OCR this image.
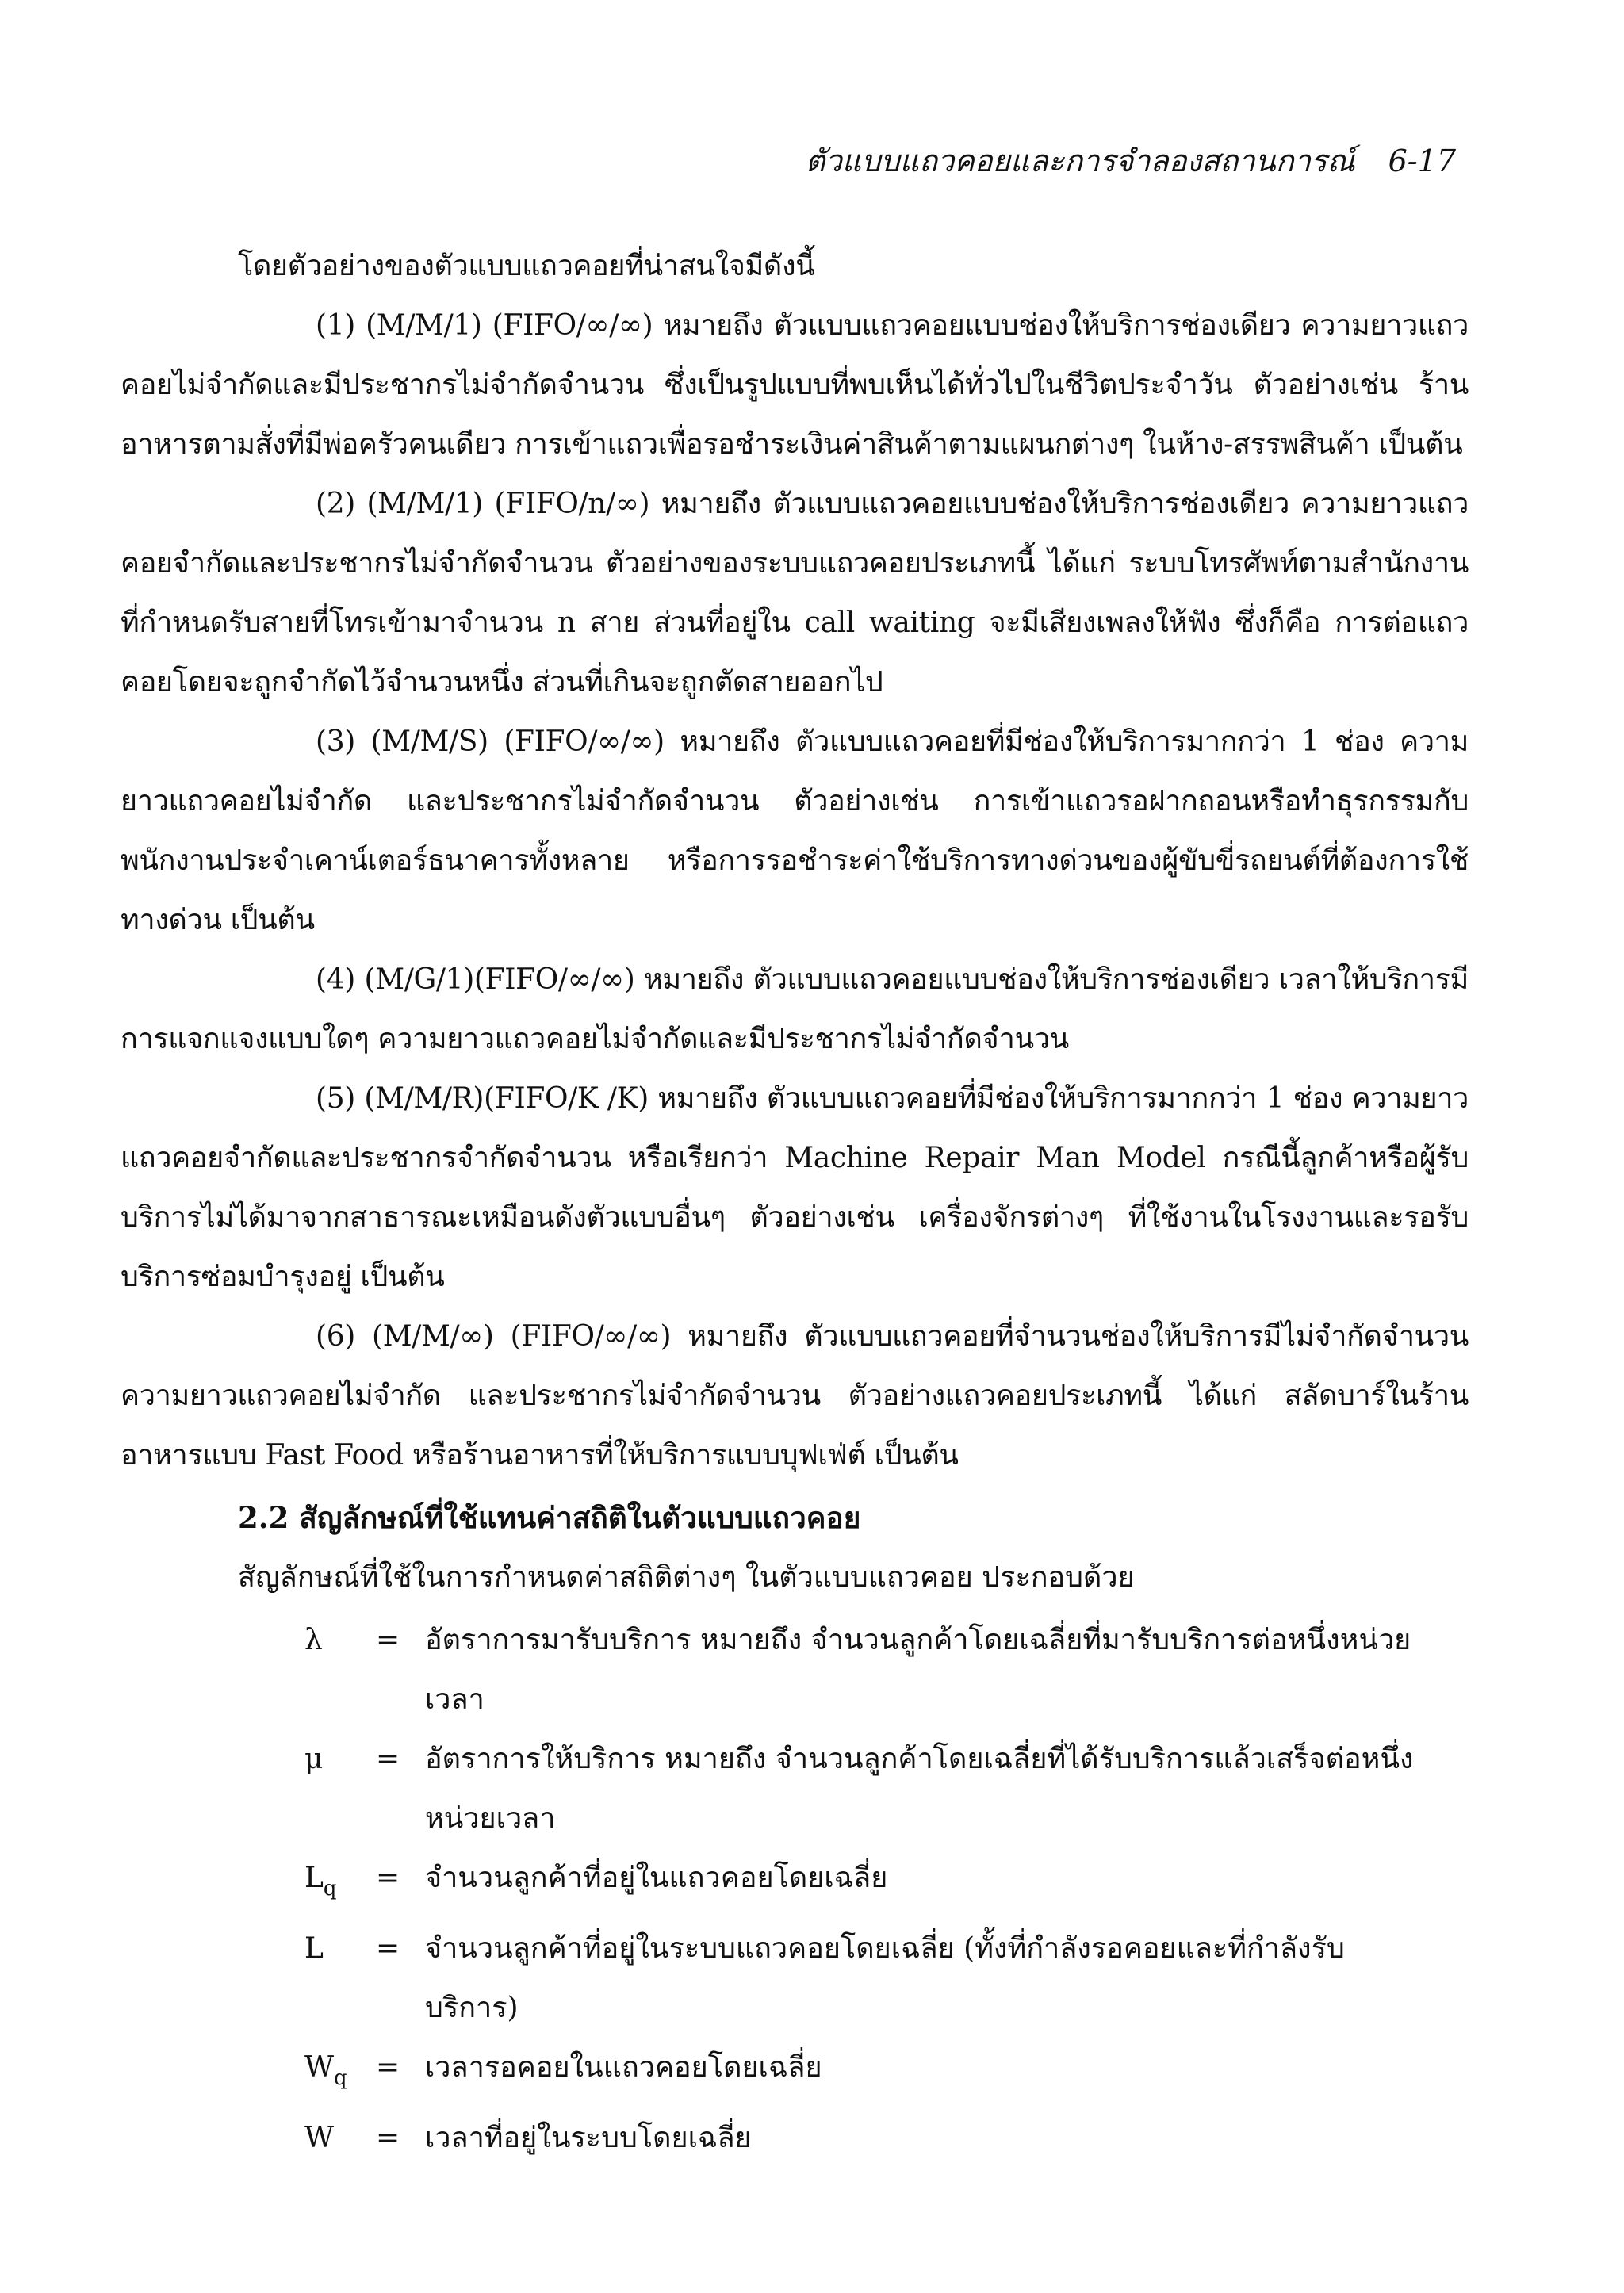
ตัวแบบแถวคอยและการจำลองสถานการณ์ 6-17

โดยตัวอย่างของตัวแบบแถวคอยที่น่าสนใจมีดังนี้

(1) (M/M/1) (FIFO/∞/∞) หมายถึง ตัวแบบแถวคอยแบบช่องให้บริการช่องเดียว ความยาวแถวคอยไม่จำกัดและมีประชากรไม่จำกัดจำนวน ซึ่งเป็นรูปแบบที่พบเห็นได้ทั่วไปในชีวิตประจำวัน ตัวอย่างเช่น ร้านอาหารตามสั่งที่มีพ่อครัวคนเดียว การเข้าแถวเพื่อรอชำระเงินค่าสินค้าตามแผนกต่างๆ ในห้าง-สรรพสินค้า เป็นต้น

(2) (M/M/1) (FIFO/n/∞) หมายถึง ตัวแบบแถวคอยแบบช่องให้บริการช่องเดียว ความยาวแถวคอยจำกัดและประชากรไม่จำกัดจำนวน ตัวอย่างของระบบแถวคอยประเภทนี้ ได้แก่ ระบบโทรศัพท์ตามสำนักงานที่กำหนดรับสายที่โทรเข้ามาจำนวน n สาย ส่วนที่อยู่ใน call waiting จะมีเสียงเพลงให้ฟัง ซึ่งก็คือ การต่อแถวคอยโดยจะถูกจำกัดไว้จำนวนหนึ่ง ส่วนที่เกินจะถูกตัดสายออกไป

(3) (M/M/S) (FIFO/∞/∞) หมายถึง ตัวแบบแถวคอยที่มีช่องให้บริการมากกว่า 1 ช่อง ความยาวแถวคอยไม่จำกัด และประชากรไม่จำกัดจำนวน ตัวอย่างเช่น การเข้าแถวรอฝากถอนหรือทำธุรกรรมกับพนักงานประจำเคาน์เตอร์ธนาคารทั้งหลาย หรือการรอชำระค่าใช้บริการทางด่วนของผู้ขับขี่รถยนต์ที่ต้องการใช้ทางด่วน เป็นต้น

(4) (M/G/1)(FIFO/∞/∞) หมายถึง ตัวแบบแถวคอยแบบช่องให้บริการช่องเดียว เวลาให้บริการมีการแจกแจงแบบใดๆ ความยาวแถวคอยไม่จำกัดและมีประชากรไม่จำกัดจำนวน

(5) (M/M/R)(FIFO/K /K) หมายถึง ตัวแบบแถวคอยที่มีช่องให้บริการมากกว่า 1 ช่อง ความยาวแถวคอยจำกัดและประชากรจำกัดจำนวน หรือเรียกว่า Machine Repair Man Model กรณีนี้ลูกค้าหรือผู้รับบริการไม่ได้มาจากสาธารณะเหมือนดังตัวแบบอื่นๆ ตัวอย่างเช่น เครื่องจักรต่างๆ ที่ใช้งานในโรงงานและรอรับบริการซ่อมบำรุงอยู่ เป็นต้น

(6) (M/M/∞) (FIFO/∞/∞) หมายถึง ตัวแบบแถวคอยที่จำนวนช่องให้บริการมีไม่จำกัดจำนวน ความยาวแถวคอยไม่จำกัด และประชากรไม่จำกัดจำนวน ตัวอย่างแถวคอยประเภทนี้ ได้แก่ สลัดบาร์ในร้านอาหารแบบ Fast Food หรือร้านอาหารที่ให้บริการแบบบุฟเฟ่ต์ เป็นต้น

2.2 สัญลักษณ์ที่ใช้แทนค่าสถิติในตัวแบบแถวคอย
สัญลักษณ์ที่ใช้ในการกำหนดค่าสถิติต่างๆ ในตัวแบบแถวคอย ประกอบด้วย
λ	= อัตราการมารับบริการ หมายถึง จำนวนลูกค้าโดยเฉลี่ยที่มารับบริการต่อหนึ่งหน่วยเวลา
μ	= อัตราการให้บริการ หมายถึง จำนวนลูกค้าโดยเฉลี่ยที่ได้รับบริการแล้วเสร็จต่อหนึ่งหน่วยเวลา
$L_q$	= จำนวนลูกค้าที่อยู่ในแถวคอยโดยเฉลี่ย
L	= จำนวนลูกค้าที่อยู่ในระบบแถวคอยโดยเฉลี่ย (ทั้งที่กำลังรอคอยและที่กำลังรับบริการ)
$W_q$	= เวลารอคอยในแถวคอยโดยเฉลี่ย
W	= เวลาที่อยู่ในระบบโดยเฉลี่ย
